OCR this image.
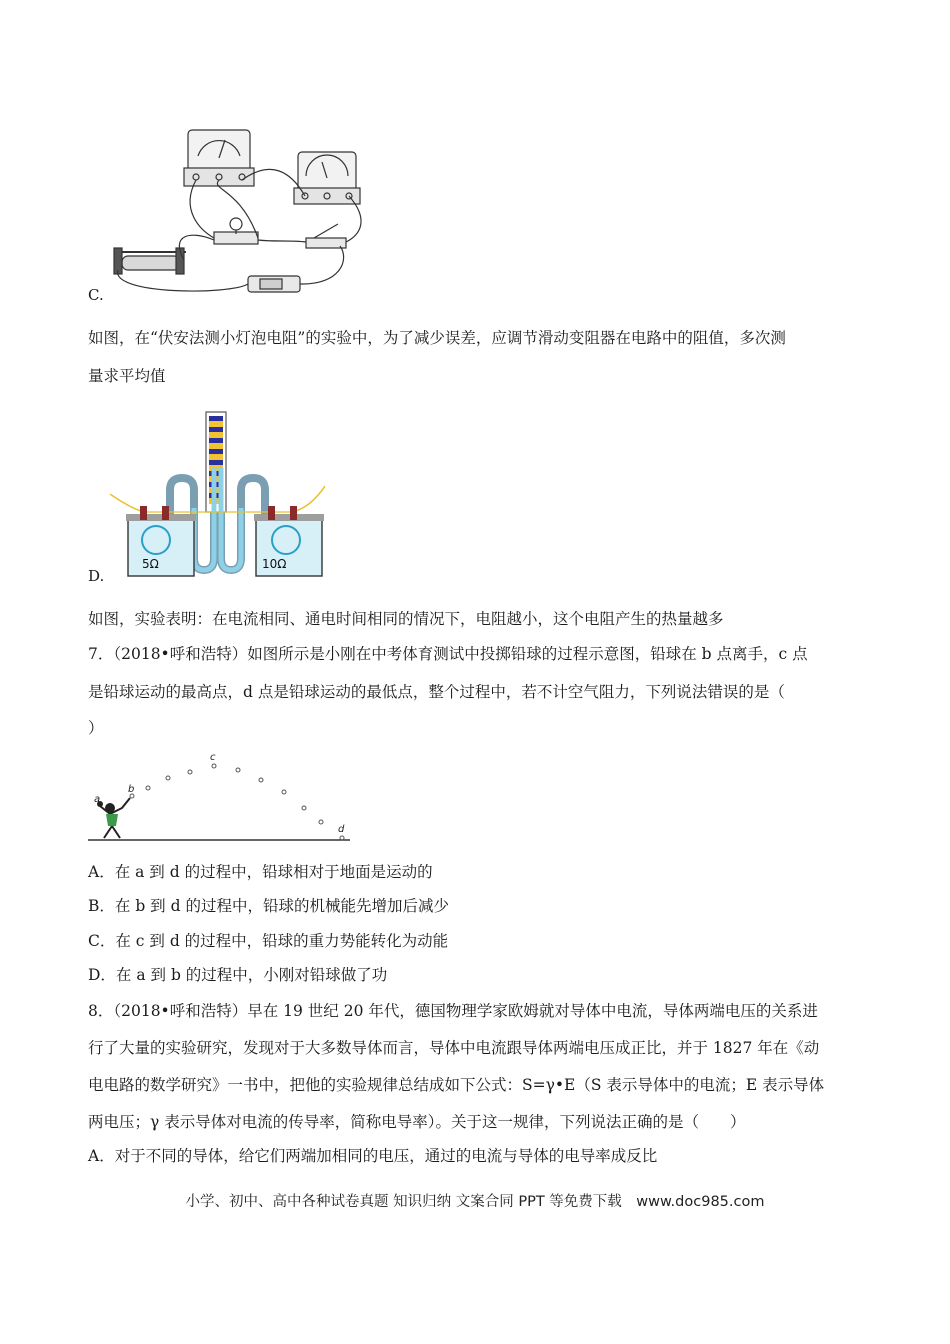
C.
如图，在“伏安法测小灯泡电阻”的实验中，为了减少误差，应调节滑动变阻器在电路中的阻值，多次测
量求平均值
5Ω	10Ω
D.
如图，实验表明：在电流相同、通电时间相同的情况下，电阻越小，这个电阻产生的热量越多
7．（2018•呼和浩特）如图所示是小刚在中考体育测试中投掷铅球的过程示意图，铅球在 b 点离手，c 点
是铅球运动的最高点，d 点是铅球运动的最低点，整个过程中，若不计空气阻力，下列说法错误的是（
）
a
b
c
d
A．在 a 到 d 的过程中，铅球相对于地面是运动的
B．在 b 到 d 的过程中，铅球的机械能先增加后减少
C．在 c 到 d 的过程中，铅球的重力势能转化为动能
D．在 a 到 b 的过程中，小刚对铅球做了功
8．（2018•呼和浩特）早在 19 世纪 20 年代，德国物理学家欧姆就对导体中电流，导体两端电压的关系进
行了大量的实验研究，发现对于大多数导体而言，导体中电流跟导体两端电压成正比，并于 1827 年在《动
电电路的数学研究》一书中，把他的实验规律总结成如下公式：S=γ•E（S 表示导体中的电流；E 表示导体
两电压；γ 表示导体对电流的传导率，简称电导率）。关于这一规律，下列说法正确的是（　　）
A．对于不同的导体，给它们两端加相同的电压，通过的电流与导体的电导率成反比
小学、初中、高中各种试卷真题 知识归纳 文案合同 PPT 等免费下载　www.doc985.com
